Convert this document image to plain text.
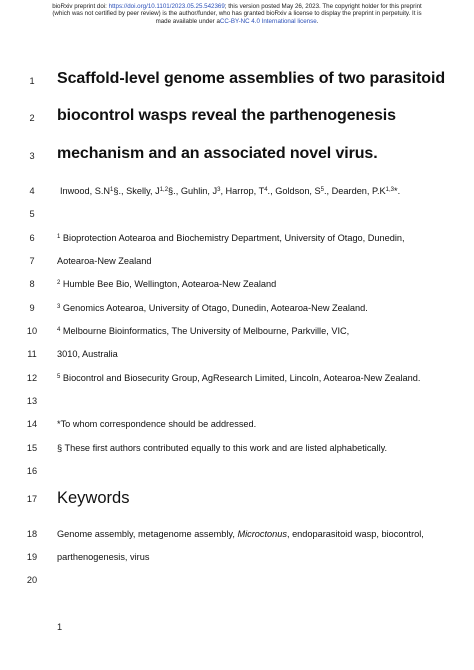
bioRxiv preprint doi: https://doi.org/10.1101/2023.05.25.542369; this version posted May 26, 2023. The copyright holder for this preprint
(which was not certified by peer review) is the author/funder, who has granted bioRxiv a license to display the preprint in perpetuity. It is
made available under aCC-BY-NC 4.0 International license.
1
2
3
4
5
6
7
8
9
10
11
12
13
14
15
16
17
18
19
20
Scaffold-level genome assemblies of two parasitoid
biocontrol wasps reveal the parthenogenesis
mechanism and an associated novel virus.
Inwood, $S.N^1\S$., Skelly, J$^{1,2}$§., Guhlin, $J^3$, Harrop, $T^4$., Goldson, $S^5$., Dearden, $P.K^{1,3}*$.
$^1$ Bioprotection Aotearoa and Biochemistry Department, University of Otago, Dunedin,
Aotearoa-New Zealand
$^2$ Humble Bee Bio, Wellington, Aotearoa-New Zealand
$^3$ Genomics Aotearoa, University of Otago, Dunedin, Aotearoa-New Zealand.
$^4$ Melbourne Bioinformatics, The University of Melbourne, Parkville, VIC,
3010, Australia
$^5$ Biocontrol and Biosecurity Group, AgResearch Limited, Lincoln, Aotearoa-New Zealand.
*To whom correspondence should be addressed.
§ These first authors contributed equally to this work and are listed alphabetically.
Keywords
Genome assembly, metagenome assembly, Microctonus, endoparasitoid wasp, biocontrol,
parthenogenesis, virus
1
